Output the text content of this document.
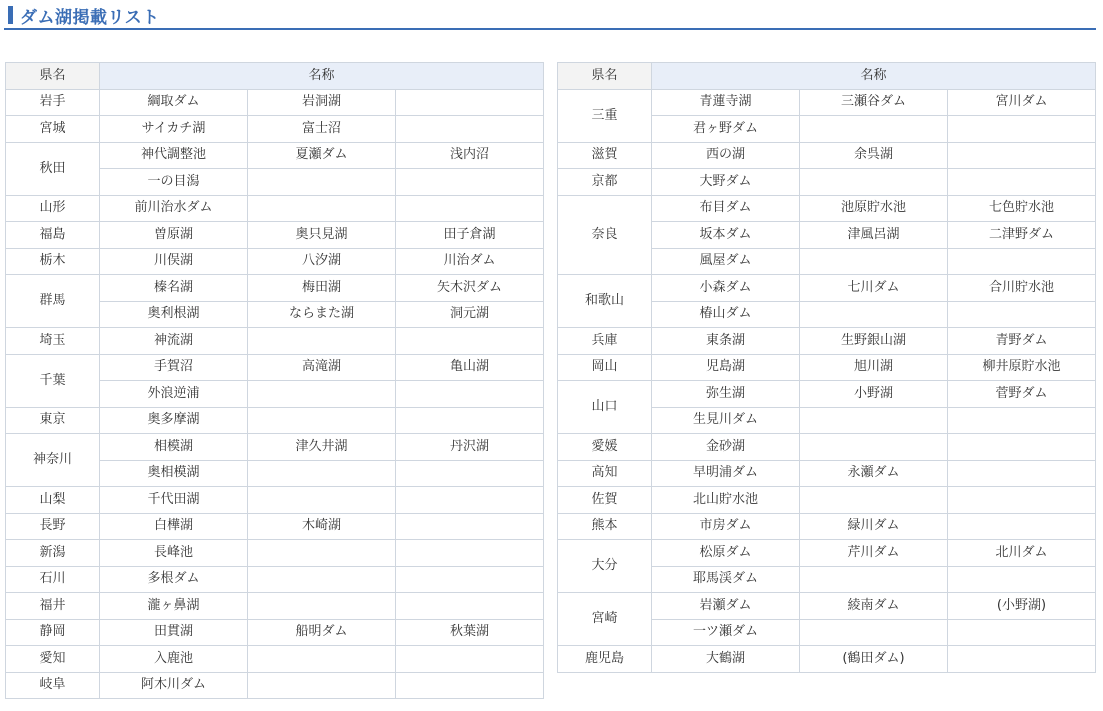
ダム湖掲載リスト
県名	名称		
岩手	綱取ダム	岩洞湖	
宮城	サイカチ湖	富士沼	
秋田	神代調整池	夏瀬ダム	浅内沼
	一の目潟		
山形	前川治水ダム		
福島	曽原湖	奥只見湖	田子倉湖
栃木	川俣湖	八汐湖	川治ダム
群馬	榛名湖	梅田湖	矢木沢ダム
	奥利根湖	ならまた湖	洞元湖
埼玉	神流湖		
千葉	手賀沼	高滝湖	亀山湖
	外浪逆浦		
東京	奥多摩湖		
神奈川	相模湖	津久井湖	丹沢湖
	奥相模湖		
山梨	千代田湖		
長野	白樺湖	木崎湖	
新潟	長峰池		
石川	多根ダム		
福井	瀧ヶ鼻湖		
静岡	田貫湖	船明ダム	秋葉湖
愛知	入鹿池		
岐阜	阿木川ダム		
県名	名称		
三重	青蓮寺湖	三瀬谷ダム	宮川ダム
	君ヶ野ダム		
滋賀	西の湖	余呉湖	
京都	大野ダム		
奈良	布目ダム	池原貯水池	七色貯水池
	坂本ダム	津風呂湖	二津野ダム
	風屋ダム		
和歌山	小森ダム	七川ダム	合川貯水池
	椿山ダム		
兵庫	東条湖	生野銀山湖	青野ダム
岡山	児島湖	旭川湖	柳井原貯水池
山口	弥生湖	小野湖	菅野ダム
	生見川ダム		
愛媛	金砂湖		
高知	早明浦ダム	永瀬ダム	
佐賀	北山貯水池		
熊本	市房ダム	緑川ダム	
大分	松原ダム	芹川ダム	北川ダム
	耶馬渓ダム		
宮崎	岩瀬ダム	綾南ダム	(小野湖)
	一ツ瀬ダム		
鹿児島	大鶴湖	(鶴田ダム)	
